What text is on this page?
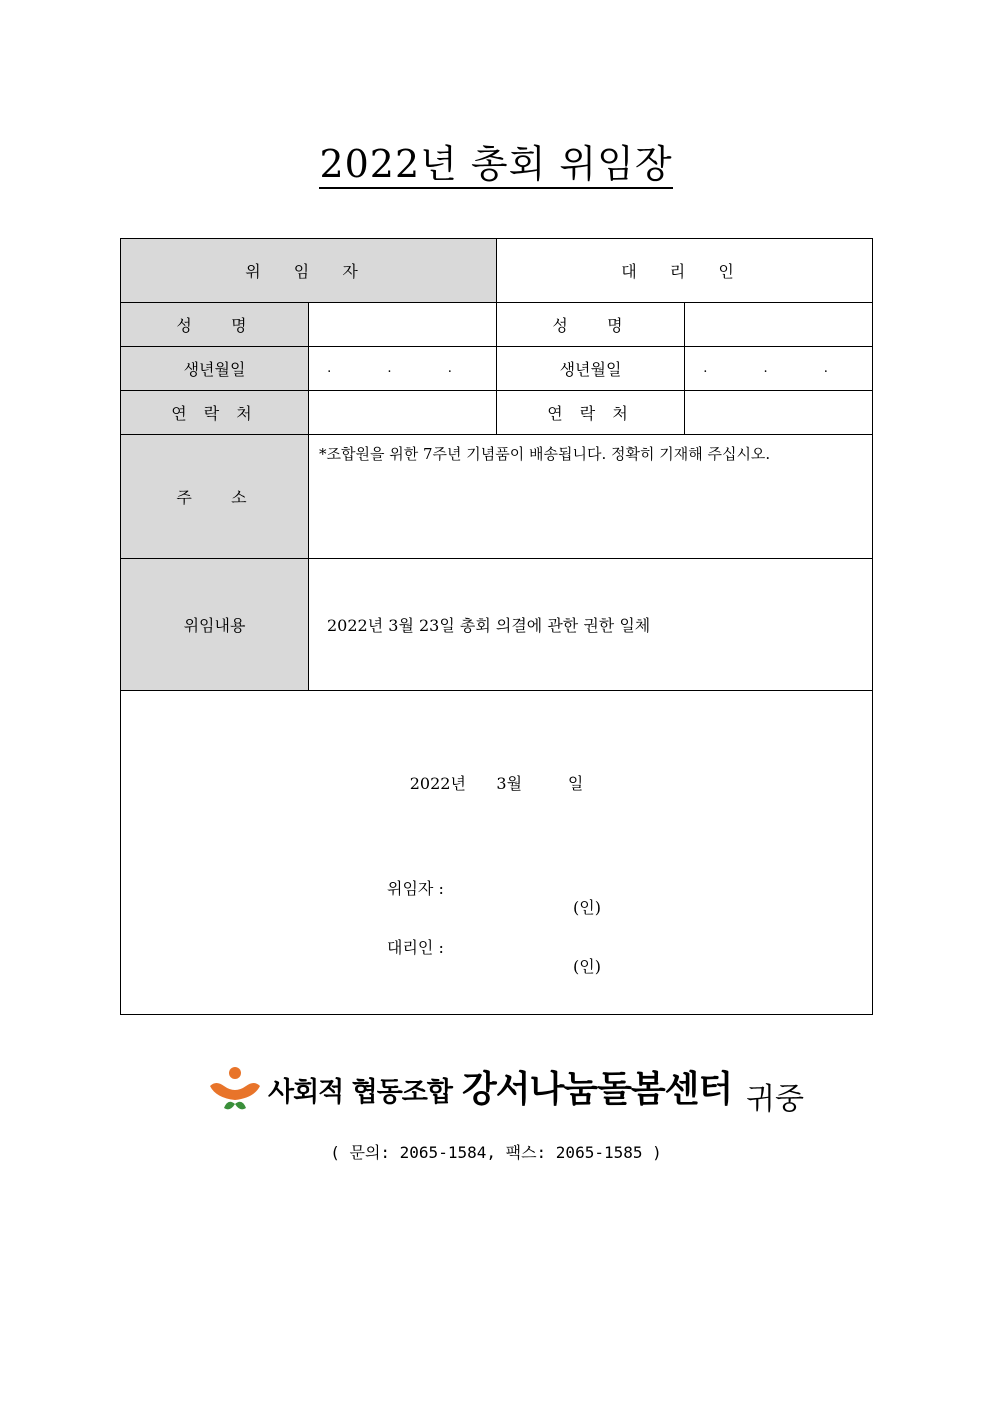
2022년 총회 위임장
위 임 자		대 리 인	
성   명		성   명	
생년월일	. . .	생년월일	. . .
연 락 처		연 락 처	
주   소	*조합원을 위한 7주년 기념품이 배송됩니다. 정확히 기재해 주십시오.		
위임내용	2022년 3월 23일 총회 의결에 관한 권한 일체		

2022년 3월 일

위임자 :

(인)

대리인 :

(인)			

사회적 협동조합 강서나눔돌봄센터 귀중
( 문의: 2065-1584, 팩스: 2065-1585 )
